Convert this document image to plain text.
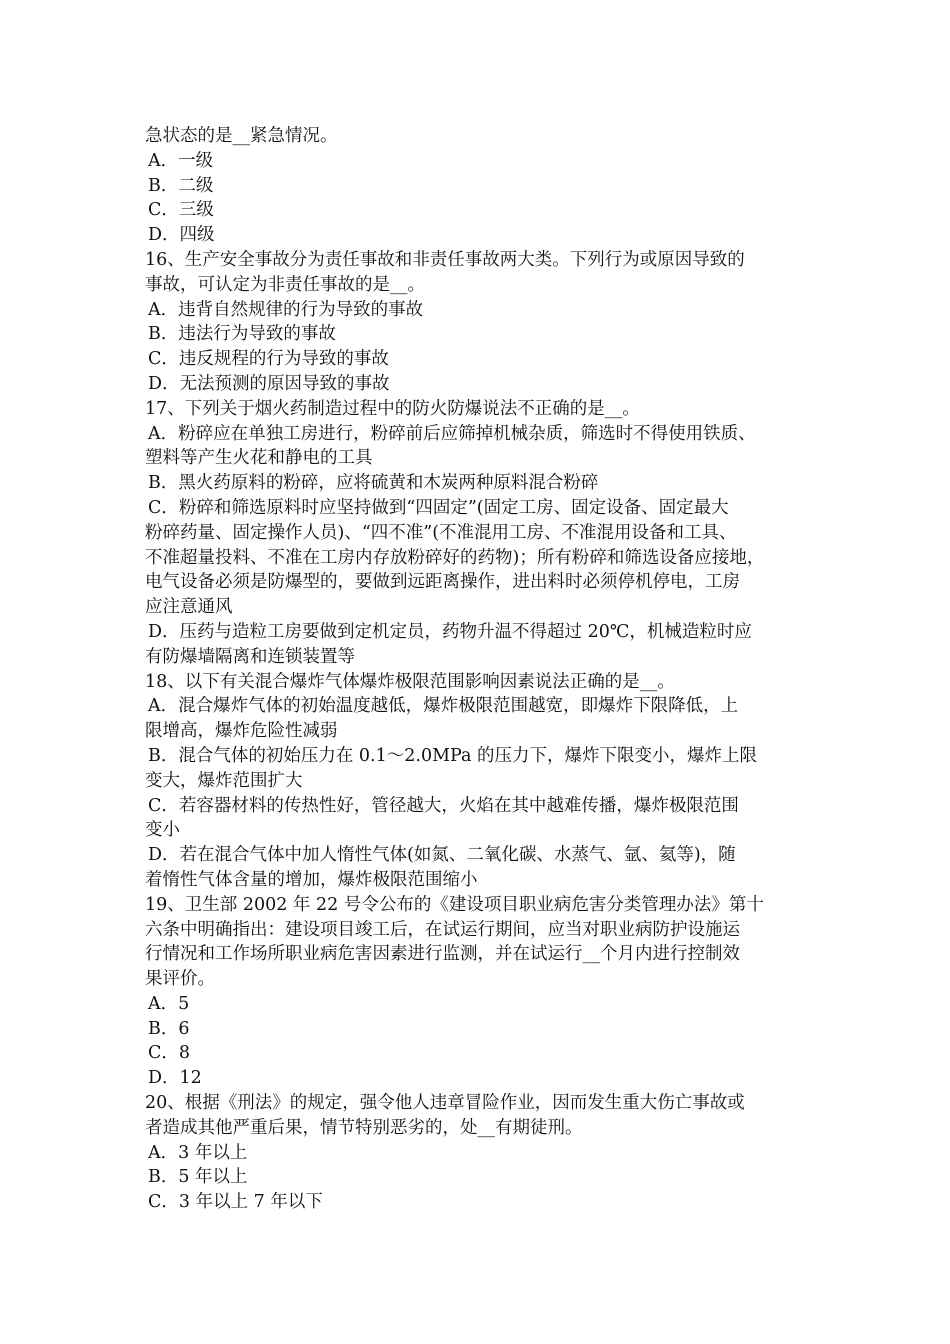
急状态的是__紧急情况。
A．一级
B．二级
C．三级
D．四级
16、生产安全事故分为责任事故和非责任事故两大类。下列行为或原因导致的
事故，可认定为非责任事故的是__。
A．违背自然规律的行为导致的事故
B．违法行为导致的事故
C．违反规程的行为导致的事故
D．无法预测的原因导致的事故
17、下列关于烟火药制造过程中的防火防爆说法不正确的是__。
A．粉碎应在单独工房进行，粉碎前后应筛掉机械杂质，筛选时不得使用铁质、
塑料等产生火花和静电的工具
B．黑火药原料的粉碎，应将硫黄和木炭两种原料混合粉碎
C．粉碎和筛选原料时应坚持做到“四固定”(固定工房、固定设备、固定最大
粉碎药量、固定操作人员)、“四不准”(不准混用工房、不准混用设备和工具、
不准超量投料、不准在工房内存放粉碎好的药物)；所有粉碎和筛选设备应接地，
电气设备必须是防爆型的，要做到远距离操作，进出料时必须停机停电，工房
应注意通风
D．压药与造粒工房要做到定机定员，药物升温不得超过 20℃，机械造粒时应
有防爆墙隔离和连锁装置等
18、以下有关混合爆炸气体爆炸极限范围影响因素说法正确的是__。
A．混合爆炸气体的初始温度越低，爆炸极限范围越宽，即爆炸下限降低，上
限增高，爆炸危险性减弱
B．混合气体的初始压力在 0.1～2.0MPa 的压力下，爆炸下限变小，爆炸上限
变大，爆炸范围扩大
C．若容器材料的传热性好，管径越大，火焰在其中越难传播，爆炸极限范围
变小
D．若在混合气体中加人惰性气体(如氮、二氧化碳、水蒸气、氩、氦等)，随
着惰性气体含量的增加，爆炸极限范围缩小
19、卫生部 2002 年 22 号令公布的《建设项目职业病危害分类管理办法》第十
六条中明确指出：建设项目竣工后，在试运行期间，应当对职业病防护设施运
行情况和工作场所职业病危害因素进行监测，并在试运行__个月内进行控制效
果评价。
A．5
B．6
C．8
D．12
20、根据《刑法》的规定，强令他人违章冒险作业，因而发生重大伤亡事故或
者造成其他严重后果，情节特别恶劣的，处__有期徒刑。
A．3 年以上
B．5 年以上
C．3 年以上 7 年以下
